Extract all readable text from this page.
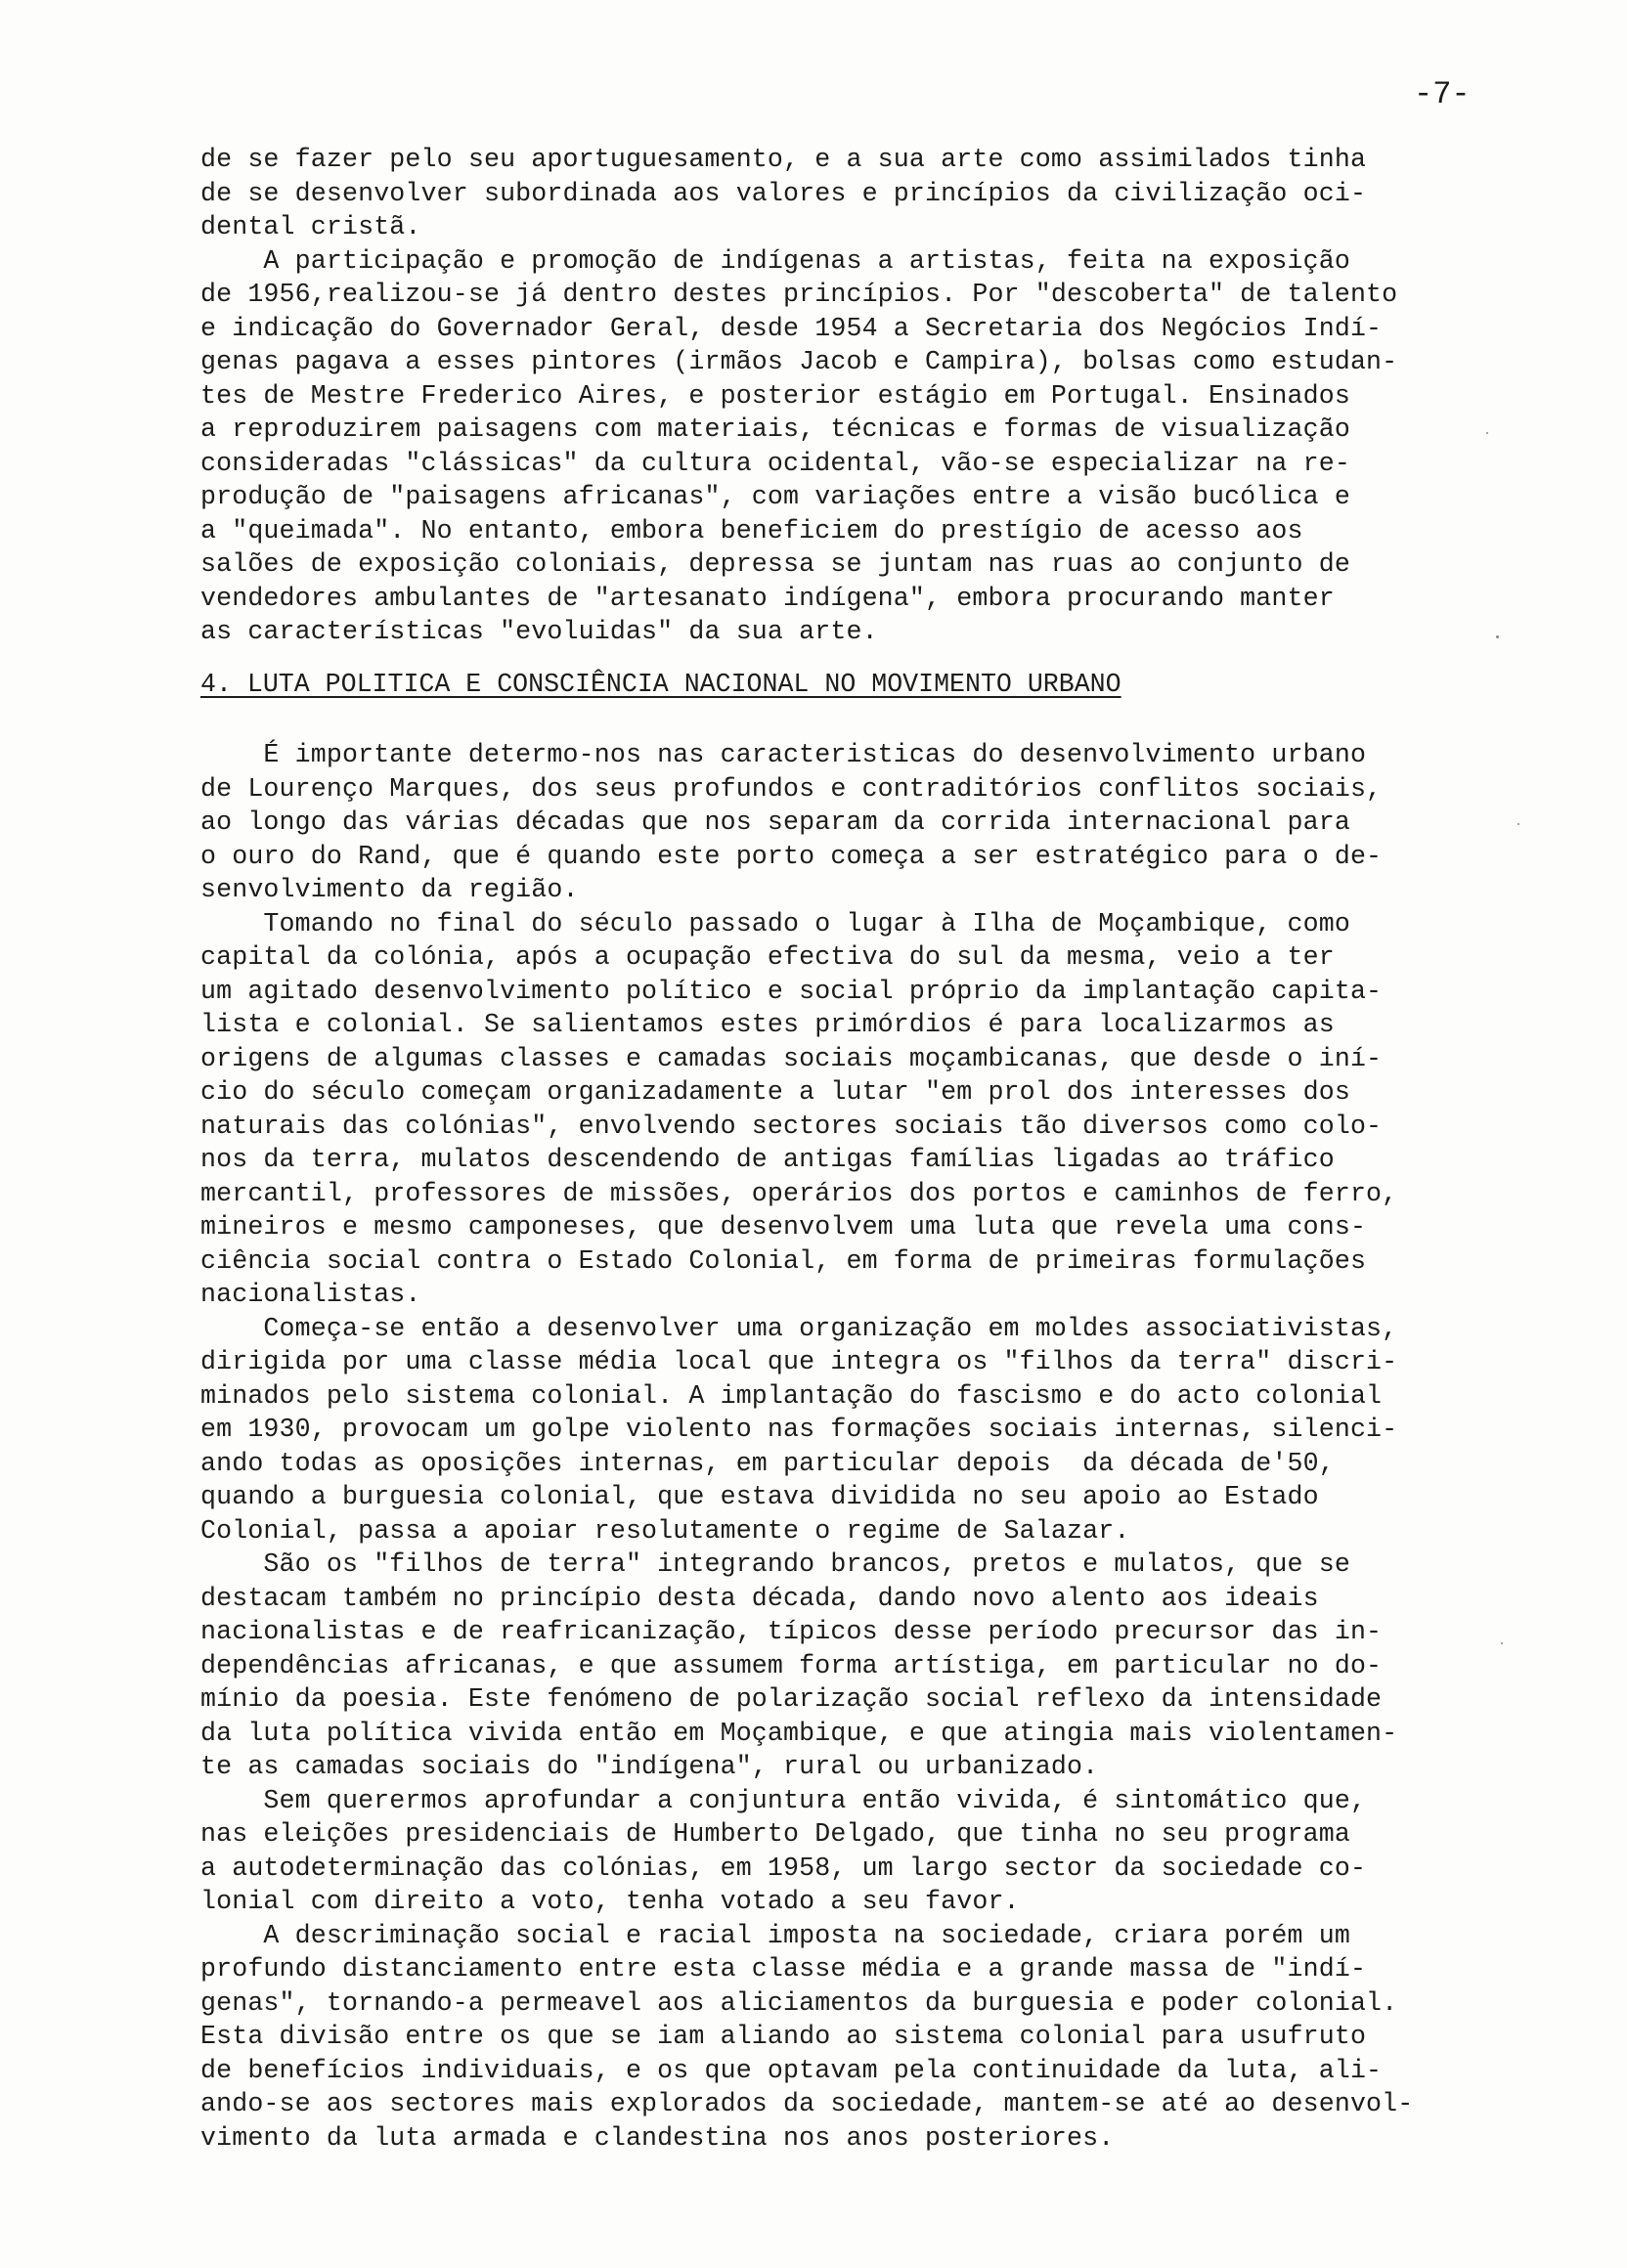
-7-
de se fazer pelo seu aportuguesamento, e a sua arte como assimilados tinha
de se desenvolver subordinada aos valores e princípios da civilização oci-
dental cristã.
A participação e promoção de indígenas a artistas, feita na exposição
de 1956,realizou-se já dentro destes princípios. Por "descoberta" de talento
e indicação do Governador Geral, desde 1954 a Secretaria dos Negócios Indí-
genas pagava a esses pintores (irmãos Jacob e Campira), bolsas como estudan-
tes de Mestre Frederico Aires, e posterior estágio em Portugal. Ensinados
a reproduzirem paisagens com materiais, técnicas e formas de visualização
consideradas "clássicas" da cultura ocidental, vão-se especializar na re-
produção de "paisagens africanas", com variações entre a visão bucólica e
a "queimada". No entanto, embora beneficiem do prestígio de acesso aos
salões de exposição coloniais, depressa se juntam nas ruas ao conjunto de
vendedores ambulantes de "artesanato indígena", embora procurando manter
as características "evoluidas" da sua arte.
4. LUTA POLITICA E CONSCIÊNCIA NACIONAL NO MOVIMENTO URBANO
É importante determo-nos nas caracteristicas do desenvolvimento urbano
de Lourenço Marques, dos seus profundos e contraditórios conflitos sociais,
ao longo das várias décadas que nos separam da corrida internacional para
o ouro do Rand, que é quando este porto começa a ser estratégico para o de-
senvolvimento da região.
Tomando no final do século passado o lugar à Ilha de Moçambique, como
capital da colónia, após a ocupação efectiva do sul da mesma, veio a ter
um agitado desenvolvimento político e social próprio da implantação capita-
lista e colonial. Se salientamos estes primórdios é para localizarmos as
origens de algumas classes e camadas sociais moçambicanas, que desde o iní-
cio do século começam organizadamente a lutar "em prol dos interesses dos
naturais das colónias", envolvendo sectores sociais tão diversos como colo-
nos da terra, mulatos descendendo de antigas famílias ligadas ao tráfico
mercantil, professores de missões, operários dos portos e caminhos de ferro,
mineiros e mesmo camponeses, que desenvolvem uma luta que revela uma cons-
ciência social contra o Estado Colonial, em forma de primeiras formulações
nacionalistas.
Começa-se então a desenvolver uma organização em moldes associativistas,
dirigida por uma classe média local que integra os "filhos da terra" discri-
minados pelo sistema colonial. A implantação do fascismo e do acto colonial
em 1930, provocam um golpe violento nas formações sociais internas, silenci-
ando todas as oposições internas, em particular depois  da década de'50,
quando a burguesia colonial, que estava dividida no seu apoio ao Estado
Colonial, passa a apoiar resolutamente o regime de Salazar.
São os "filhos de terra" integrando brancos, pretos e mulatos, que se
destacam também no princípio desta década, dando novo alento aos ideais
nacionalistas e de reafricanização, típicos desse período precursor das in-
dependências africanas, e que assumem forma artístiga, em particular no do-
mínio da poesia. Este fenómeno de polarização social reflexo da intensidade
da luta política vivida então em Moçambique, e que atingia mais violentamen-
te as camadas sociais do "indígena", rural ou urbanizado.
Sem querermos aprofundar a conjuntura então vivida, é sintomático que,
nas eleições presidenciais de Humberto Delgado, que tinha no seu programa
a autodeterminação das colónias, em 1958, um largo sector da sociedade co-
lonial com direito a voto, tenha votado a seu favor.
A descriminação social e racial imposta na sociedade, criara porém um
profundo distanciamento entre esta classe média e a grande massa de "indí-
genas", tornando-a permeavel aos aliciamentos da burguesia e poder colonial.
Esta divisão entre os que se iam aliando ao sistema colonial para usufruto
de benefícios individuais, e os que optavam pela continuidade da luta, ali-
ando-se aos sectores mais explorados da sociedade, mantem-se até ao desenvol-
vimento da luta armada e clandestina nos anos posteriores.
